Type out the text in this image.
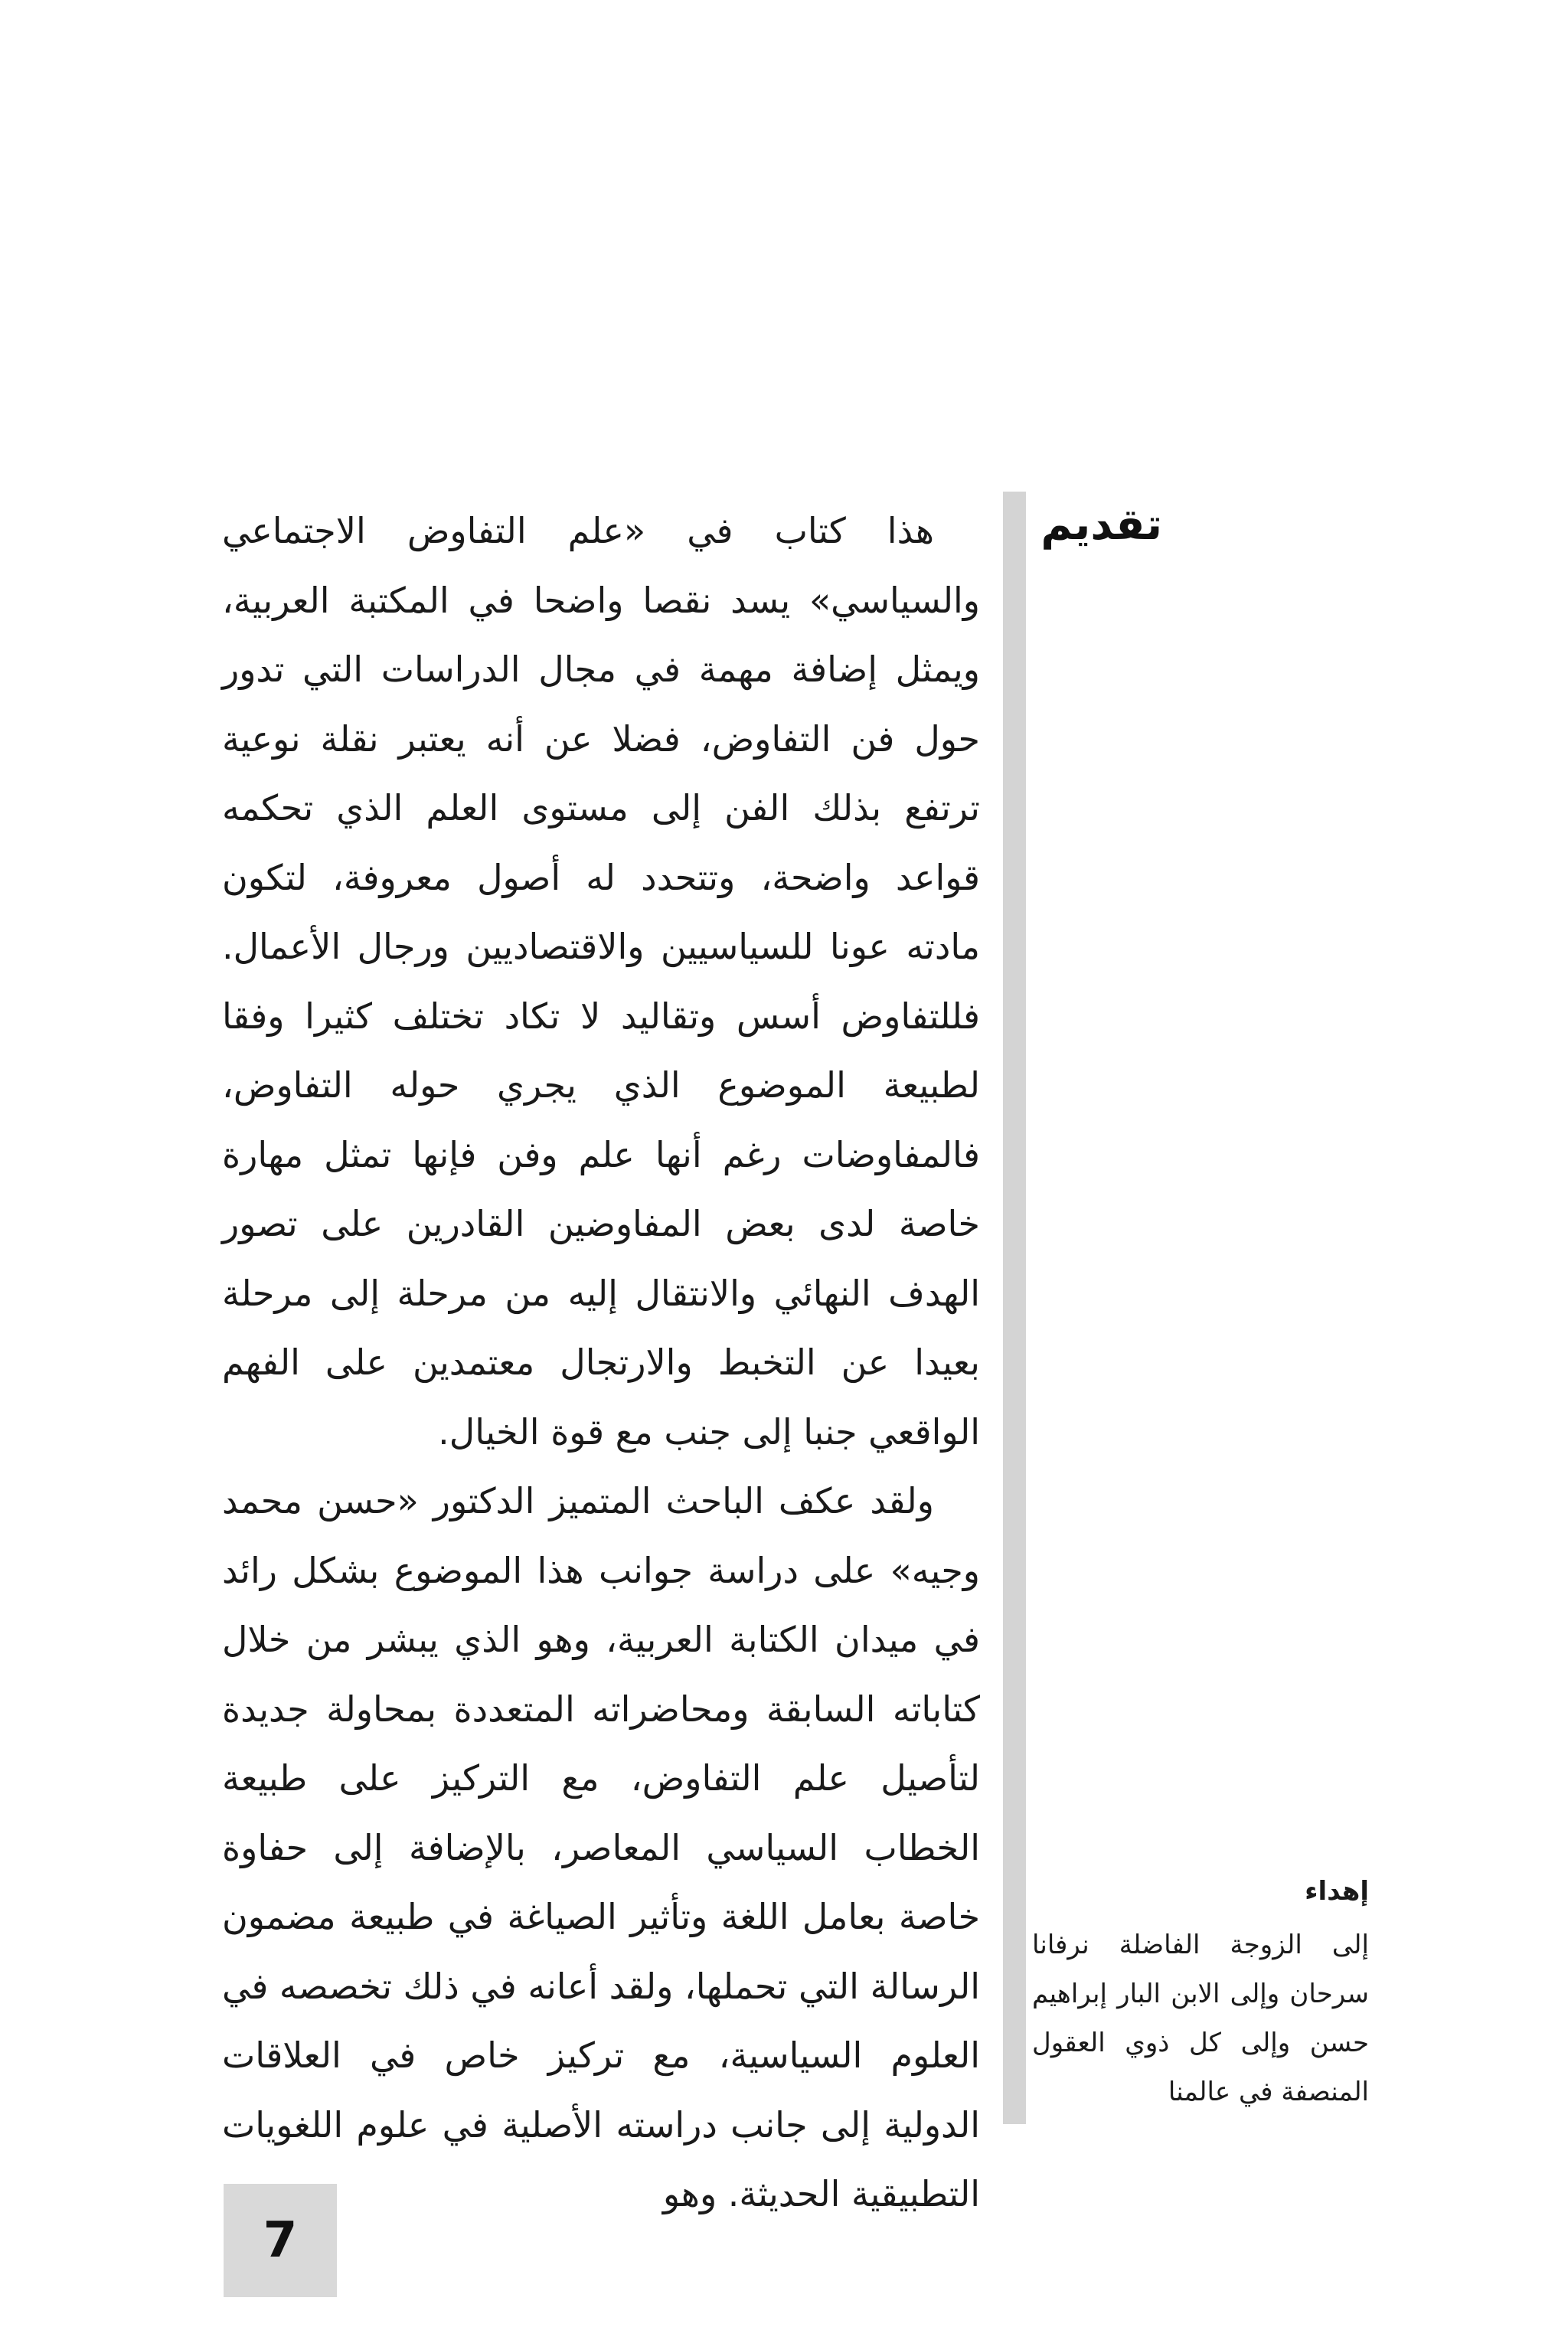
تقديم

هذا كتاب في «علم التفاوض الاجتماعي والسياسي» يسد نقصا واضحا في المكتبة العربية، ويمثل إضافة مهمة في مجال الدراسات التي تدور حول فن التفاوض، فضلا عن أنه يعتبر نقلة نوعية ترتفع بذلك الفن إلى مستوى العلم الذي تحكمه قواعد واضحة، وتتحدد له أصول معروفة، لتكون مادته عونا للسياسيين والاقتصاديين ورجال الأعمال. فللتفاوض أسس وتقاليد لا تكاد تختلف كثيرا وفقا لطبيعة الموضوع الذي يجري حوله التفاوض، فالمفاوضات رغم أنها علم وفن فإنها تمثل مهارة خاصة لدى بعض المفاوضين القادرين على تصور الهدف النهائي والانتقال إليه من مرحلة إلى مرحلة بعيدا عن التخبط والارتجال معتمدين على الفهم الواقعي جنبا إلى جنب مع قوة الخيال.

ولقد عكف الباحث المتميز الدكتور «حسن محمد وجيه» على دراسة جوانب هذا الموضوع بشكل رائد في ميدان الكتابة العربية، وهو الذي يبشر من خلال كتاباته السابقة ومحاضراته المتعددة بمحاولة جديدة لتأصيل علم التفاوض، مع التركيز على طبيعة الخطاب السياسي المعاصر، بالإضافة إلى حفاوة خاصة بعامل اللغة وتأثير الصياغة في طبيعة مضمون الرسالة التي تحملها، ولقد أعانه في ذلك تخصصه في العلوم السياسية، مع تركيز خاص في العلاقات الدولية إلى جانب دراسته الأصلية في علوم اللغويات التطبيقية الحديثة. وهو

إهداء

إلى الزوجة الفاضلة نرفانا سرحان وإلى الابن البار إبراهيم حسن وإلى كل ذوي العقول المنصفة في عالمنا

7
